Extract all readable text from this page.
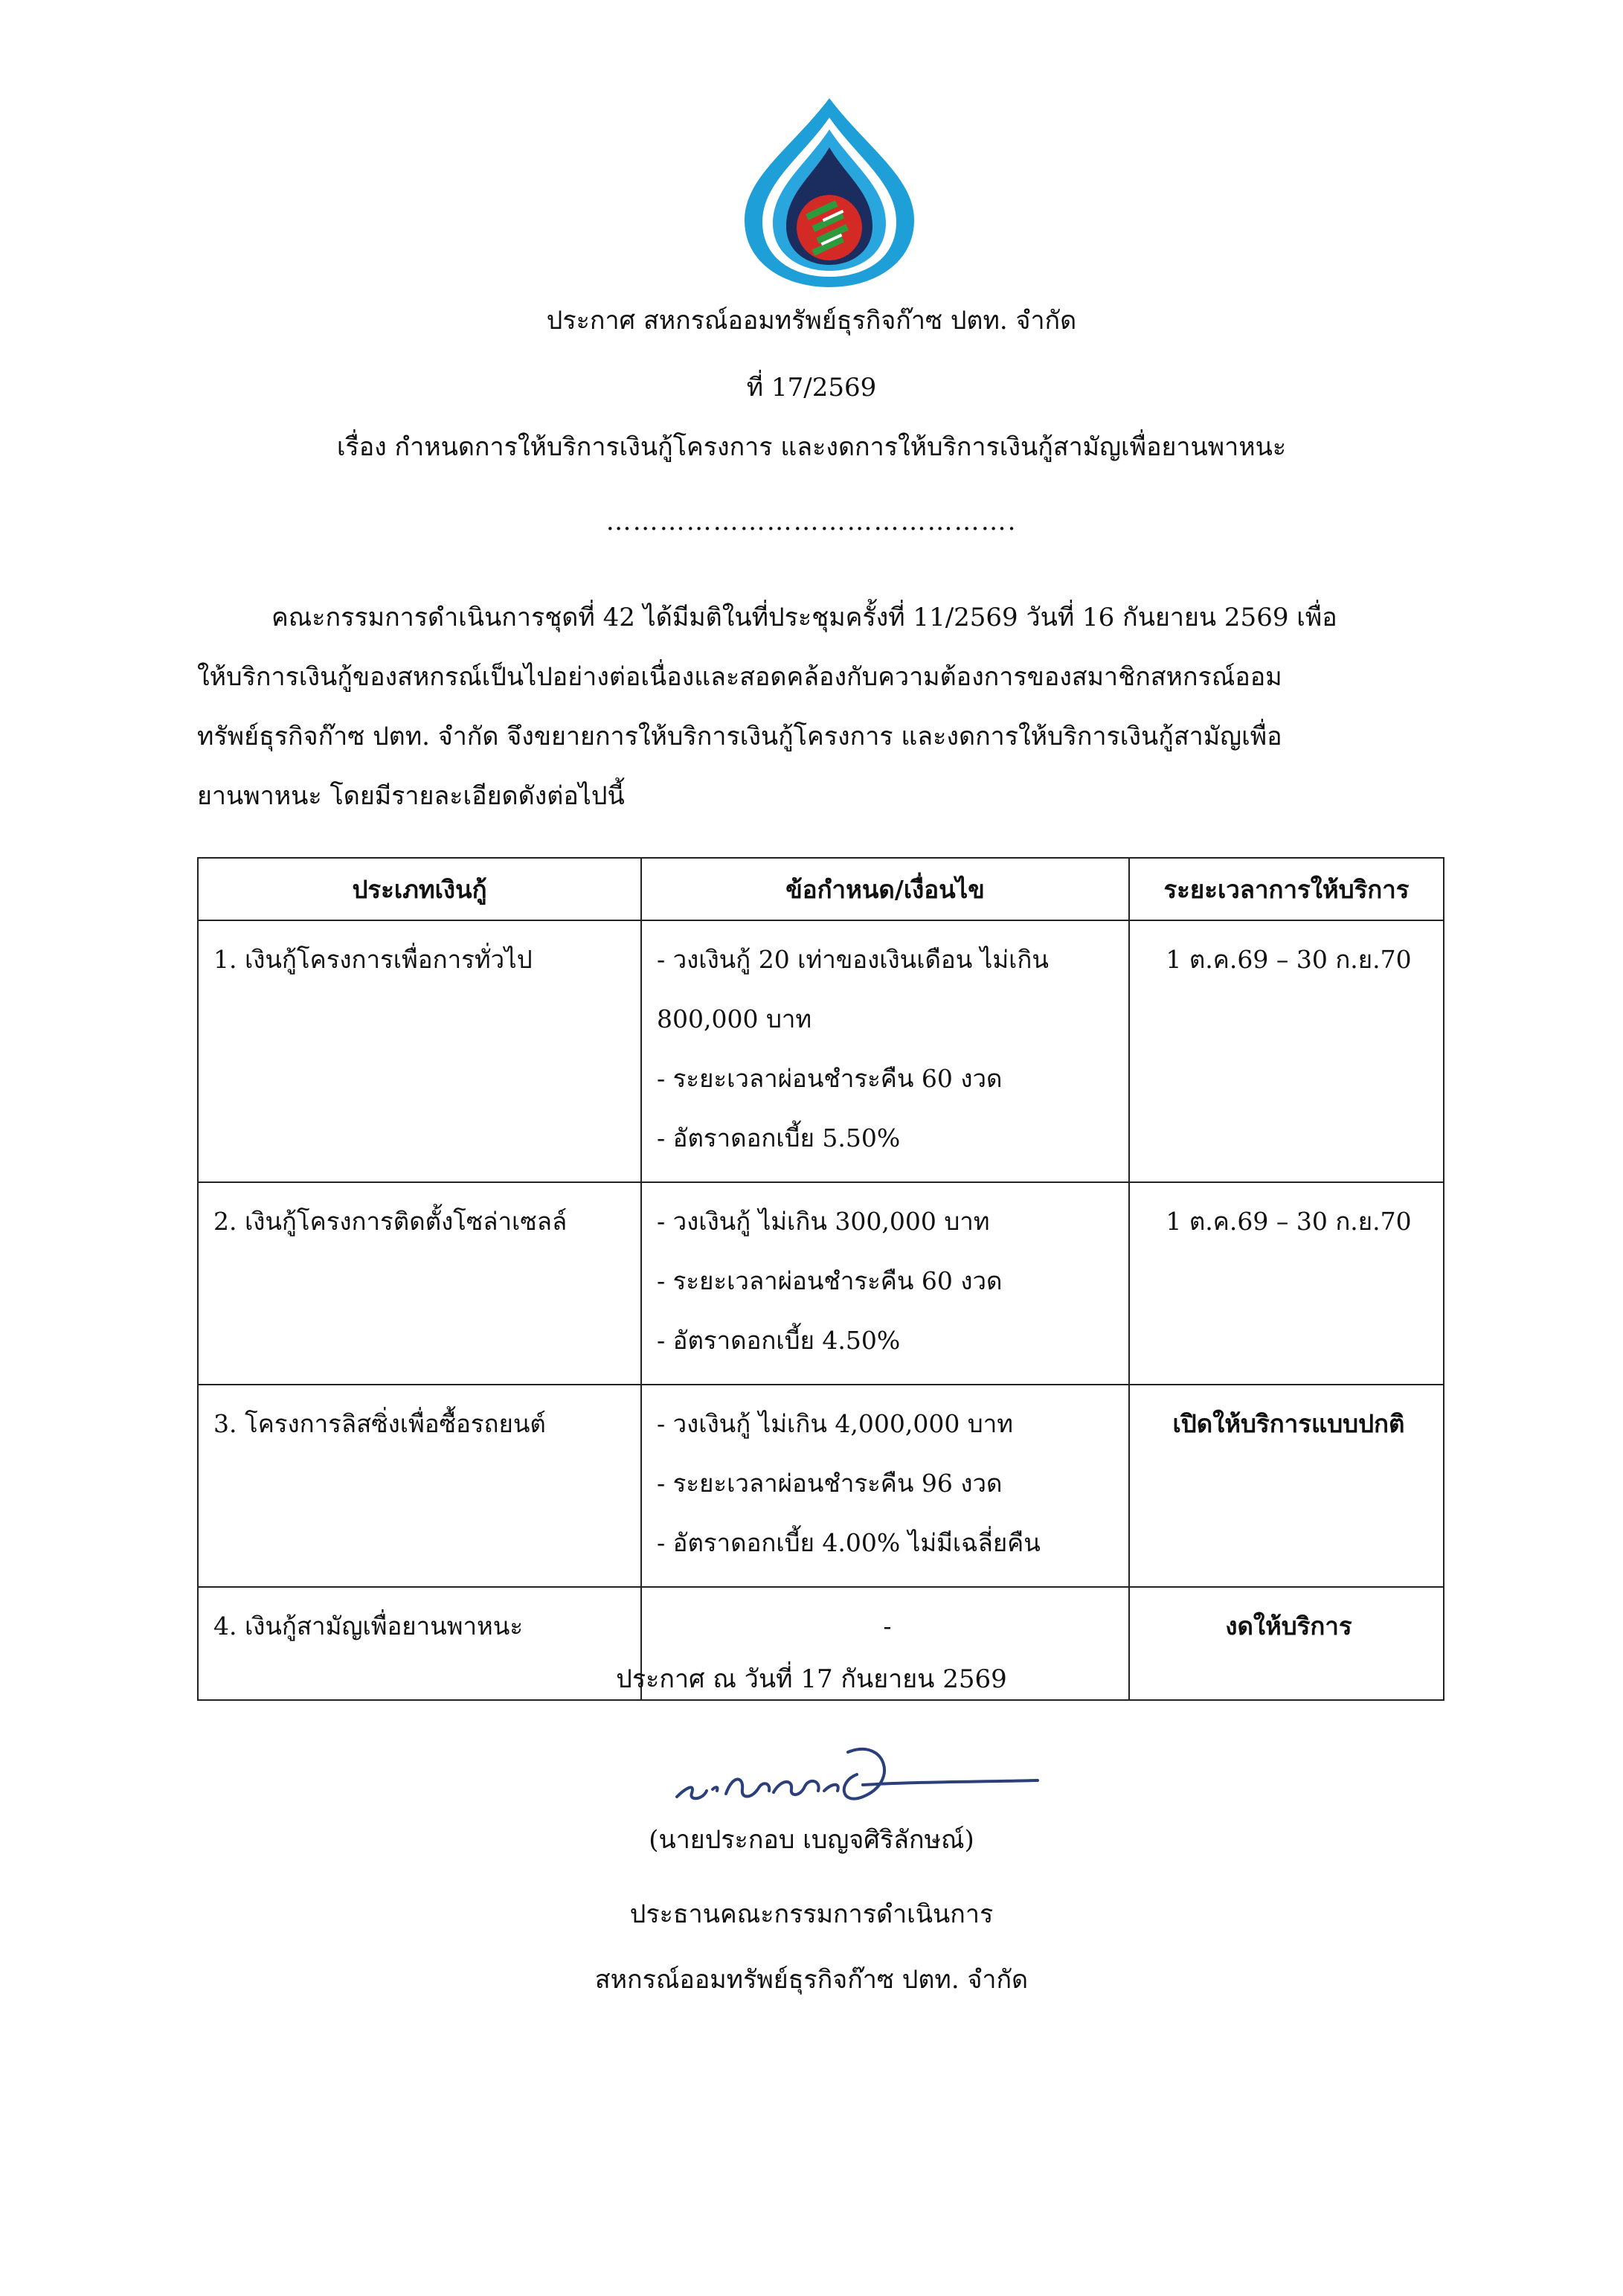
ประกาศ สหกรณ์ออมทรัพย์ธุรกิจก๊าซ ปตท. จำกัด
ที่ 17/2569
เรื่อง กำหนดการให้บริการเงินกู้โครงการ และงดการให้บริการเงินกู้สามัญเพื่อยานพาหนะ
……………………………………….
คณะกรรมการดำเนินการชุดที่ 42 ได้มีมติในที่ประชุมครั้งที่ 11/2569 วันที่ 16 กันยายน 2569 เพื่อ
ให้บริการเงินกู้ของสหกรณ์เป็นไปอย่างต่อเนื่องและสอดคล้องกับความต้องการของสมาชิกสหกรณ์ออม
ทรัพย์ธุรกิจก๊าซ ปตท. จำกัด จึงขยายการให้บริการเงินกู้โครงการ และงดการให้บริการเงินกู้สามัญเพื่อ
ยานพาหนะ โดยมีรายละเอียดดังต่อไปนี้
ประเภทเงินกู้	ข้อกำหนด/เงื่อนไข	ระยะเวลาการให้บริการ
1. เงินกู้โครงการเพื่อการทั่วไป	- วงเงินกู้ 20 เท่าของเงินเดือน ไม่เกิน
800,000 บาท
- ระยะเวลาผ่อนชำระคืน 60 งวด
- อัตราดอกเบี้ย 5.50%	1 ต.ค.69 – 30 ก.ย.70
2. เงินกู้โครงการติดตั้งโซล่าเซลล์	- วงเงินกู้ ไม่เกิน 300,000 บาท
- ระยะเวลาผ่อนชำระคืน 60 งวด
- อัตราดอกเบี้ย 4.50%	1 ต.ค.69 – 30 ก.ย.70
3. โครงการลิสซิ่งเพื่อซื้อรถยนต์	- วงเงินกู้ ไม่เกิน 4,000,000 บาท
- ระยะเวลาผ่อนชำระคืน 96 งวด
- อัตราดอกเบี้ย 4.00% ไม่มีเฉลี่ยคืน	เปิดให้บริการแบบปกติ
4. เงินกู้สามัญเพื่อยานพาหนะ	-	งดให้บริการ
ประกาศ ณ วันที่ 17 กันยายน 2569
(นายประกอบ เบญจศิริลักษณ์)
ประธานคณะกรรมการดำเนินการ
สหกรณ์ออมทรัพย์ธุรกิจก๊าซ ปตท. จำกัด
